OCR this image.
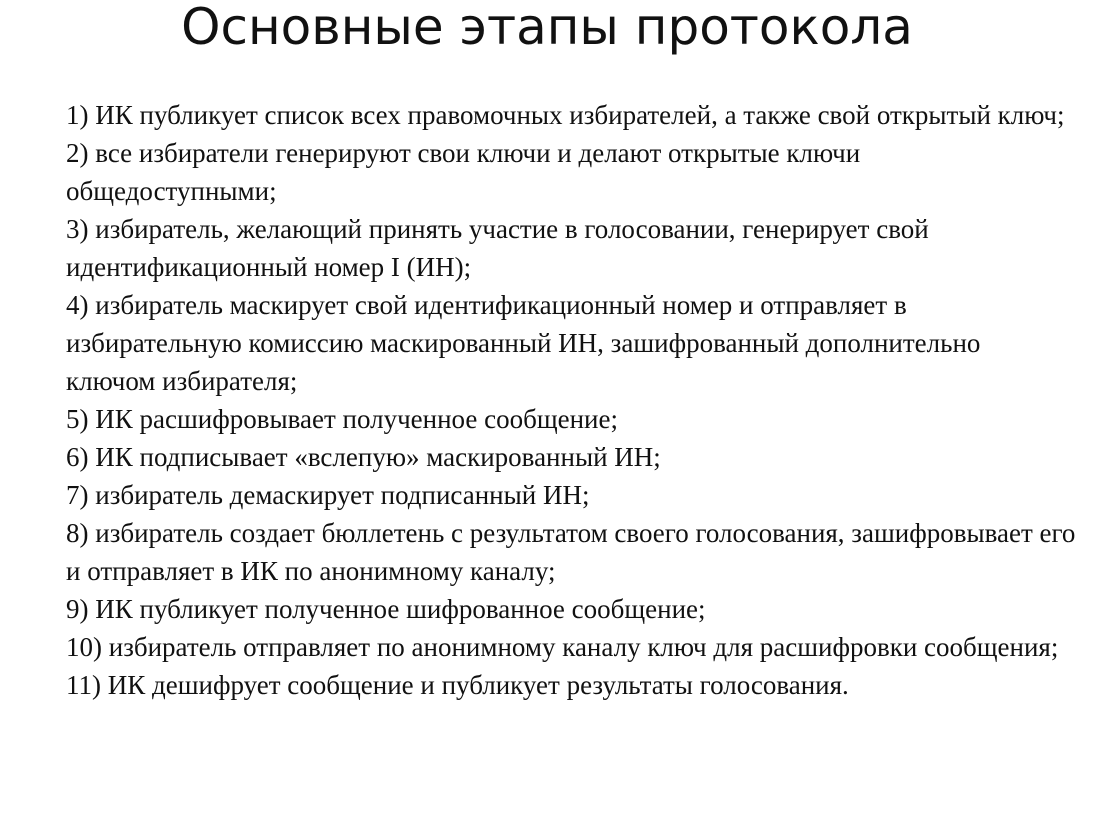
Основные этапы протокола
1) ИК публикует список всех правомочных избирателей, а также свой открытый ключ;
2) все избиратели генерируют свои ключи и делают открытые ключи общедоступными;
3) избиратель, желающий принять участие в голосовании, генерирует свой идентификационный номер I (ИН);
4) избиратель маскирует свой идентификационный номер и отправляет в избирательную комиссию маскированный ИН, зашифрованный дополнительно ключом избирателя;
5) ИК расшифровывает полученное сообщение;
6) ИК подписывает «вслепую» маскированный ИН;
7) избиратель демаскирует подписанный ИН;
8) избиратель создает бюллетень с результатом своего голосования, зашифровывает его и отправляет в ИК по анонимному каналу;
9) ИК публикует полученное шифрованное сообщение;
10) избиратель отправляет по анонимному каналу ключ для расшифровки сообщения;
11) ИК дешифрует сообщение и публикует результаты голосования.
